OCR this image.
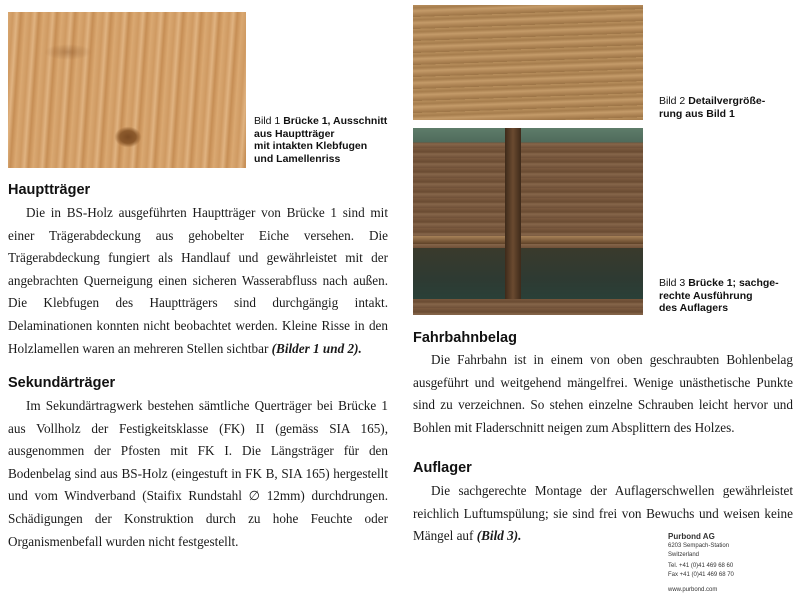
Bild 1 Brücke 1, Ausschnitt
aus Hauptträger
mit intakten Klebfugen
und Lamellenriss
Bild 2 Detailvergröße-
rung aus Bild 1
Bild 3 Brücke 1; sachge-
rechte Ausführung
des Auflagers
Hauptträger

Die in BS-Holz ausgeführten Hauptträger von Brücke 1 sind mit einer Trägerabdeckung aus gehobelter Eiche versehen. Die Trägerabdeckung fungiert als Handlauf und gewährleistet mit der angebrachten Querneigung einen sicheren Wasserabfluss nach außen. Die Klebfugen des Hauptträgers sind durchgängig intakt. Delaminationen konnten nicht beobachtet werden. Kleine Risse in den Holzlamellen waren an mehreren Stellen sichtbar (Bilder 1 und 2).

Sekundärträger

Im Sekundärtragwerk bestehen sämtliche Querträger bei Brücke 1 aus Vollholz der Festigkeitsklasse (FK) II (gemäss SIA 165), ausgenommen der Pfosten mit FK I. Die Längsträger für den Bodenbelag sind aus BS-Holz (eingestuft in FK B, SIA 165) hergestellt und vom Windverband (Staifix Rundstahl ∅ 12mm) durchdrungen. Schädigungen der Konstruktion durch zu hohe Feuchte oder Organismenbefall wurden nicht festgestellt.

Fahrbahnbelag

Die Fahrbahn ist in einem von oben geschraubten Bohlenbelag ausgeführt und weitgehend mängelfrei. Wenige unästhetische Punkte sind zu verzeichnen. So stehen einzelne Schrauben leicht hervor und Bohlen mit Fladerschnitt neigen zum Absplittern des Holzes.

Auflager

Die sachgerechte Montage der Auflagerschwellen gewährleistet reichlich Luftumspülung; sie sind frei von Bewuchs und weisen keine Mängel auf (Bild 3).	Purbond AG
6203 Sempach-Station
Switzerland
Tel. +41 (0)41 469 68 60
Fax +41 (0)41 469 68 70
www.purbond.com
